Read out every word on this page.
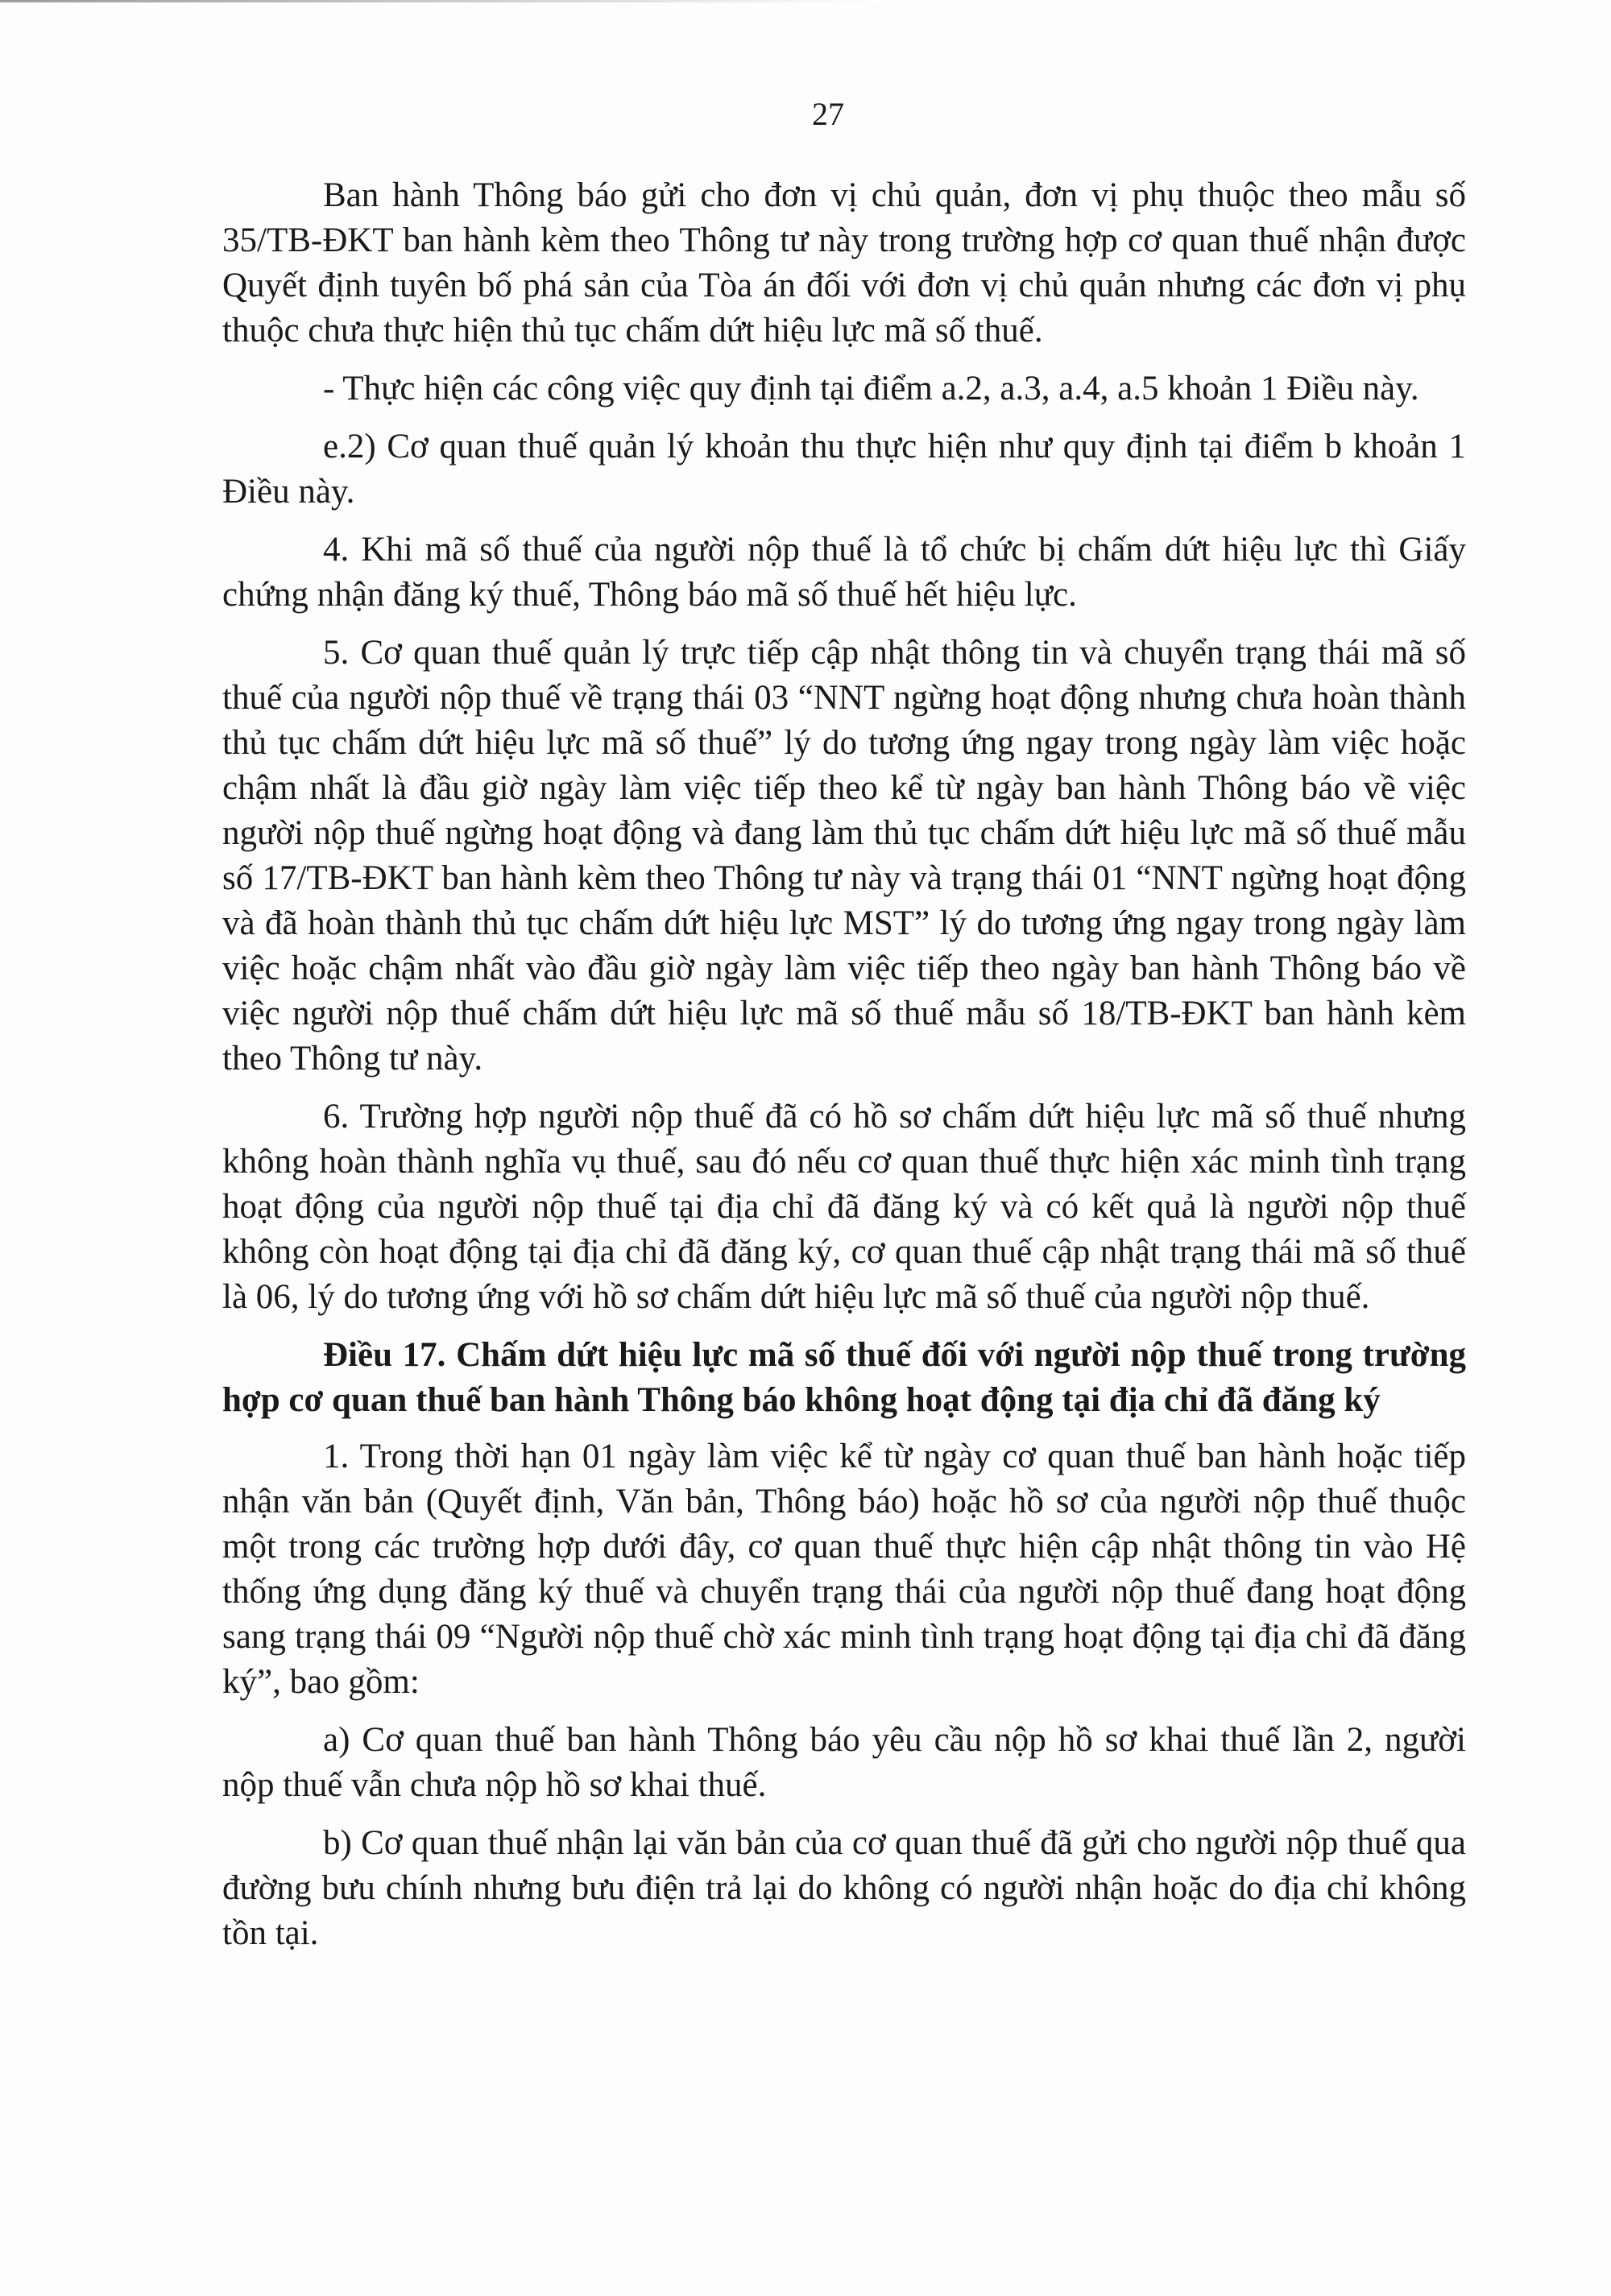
27

Ban hành Thông báo gửi cho đơn vị chủ quản, đơn vị phụ thuộc theo mẫu số 35/TB-ĐKT ban hành kèm theo Thông tư này trong trường hợp cơ quan thuế nhận được Quyết định tuyên bố phá sản của Tòa án đối với đơn vị chủ quản nhưng các đơn vị phụ thuộc chưa thực hiện thủ tục chấm dứt hiệu lực mã số thuế.

- Thực hiện các công việc quy định tại điểm a.2, a.3, a.4, a.5 khoản 1 Điều này.

e.2) Cơ quan thuế quản lý khoản thu thực hiện như quy định tại điểm b khoản 1 Điều này.

4. Khi mã số thuế của người nộp thuế là tổ chức bị chấm dứt hiệu lực thì Giấy chứng nhận đăng ký thuế, Thông báo mã số thuế hết hiệu lực.

5. Cơ quan thuế quản lý trực tiếp cập nhật thông tin và chuyển trạng thái mã số thuế của người nộp thuế về trạng thái 03 “NNT ngừng hoạt động nhưng chưa hoàn thành thủ tục chấm dứt hiệu lực mã số thuế” lý do tương ứng ngay trong ngày làm việc hoặc chậm nhất là đầu giờ ngày làm việc tiếp theo kể từ ngày ban hành Thông báo về việc người nộp thuế ngừng hoạt động và đang làm thủ tục chấm dứt hiệu lực mã số thuế mẫu số 17/TB-ĐKT ban hành kèm theo Thông tư này và trạng thái 01 “NNT ngừng hoạt động và đã hoàn thành thủ tục chấm dứt hiệu lực MST” lý do tương ứng ngay trong ngày làm việc hoặc chậm nhất vào đầu giờ ngày làm việc tiếp theo ngày ban hành Thông báo về việc người nộp thuế chấm dứt hiệu lực mã số thuế mẫu số 18/TB-ĐKT ban hành kèm theo Thông tư này.

6. Trường hợp người nộp thuế đã có hồ sơ chấm dứt hiệu lực mã số thuế nhưng không hoàn thành nghĩa vụ thuế, sau đó nếu cơ quan thuế thực hiện xác minh tình trạng hoạt động của người nộp thuế tại địa chỉ đã đăng ký và có kết quả là người nộp thuế không còn hoạt động tại địa chỉ đã đăng ký, cơ quan thuế cập nhật trạng thái mã số thuế là 06, lý do tương ứng với hồ sơ chấm dứt hiệu lực mã số thuế của người nộp thuế.

Điều 17. Chấm dứt hiệu lực mã số thuế đối với người nộp thuế trong trường hợp cơ quan thuế ban hành Thông báo không hoạt động tại địa chỉ đã đăng ký

1. Trong thời hạn 01 ngày làm việc kể từ ngày cơ quan thuế ban hành hoặc tiếp nhận văn bản (Quyết định, Văn bản, Thông báo) hoặc hồ sơ của người nộp thuế thuộc một trong các trường hợp dưới đây, cơ quan thuế thực hiện cập nhật thông tin vào Hệ thống ứng dụng đăng ký thuế và chuyển trạng thái của người nộp thuế đang hoạt động sang trạng thái 09 “Người nộp thuế chờ xác minh tình trạng hoạt động tại địa chỉ đã đăng ký”, bao gồm:

a) Cơ quan thuế ban hành Thông báo yêu cầu nộp hồ sơ khai thuế lần 2, người nộp thuế vẫn chưa nộp hồ sơ khai thuế.

b) Cơ quan thuế nhận lại văn bản của cơ quan thuế đã gửi cho người nộp thuế qua đường bưu chính nhưng bưu điện trả lại do không có người nhận hoặc do địa chỉ không tồn tại.
